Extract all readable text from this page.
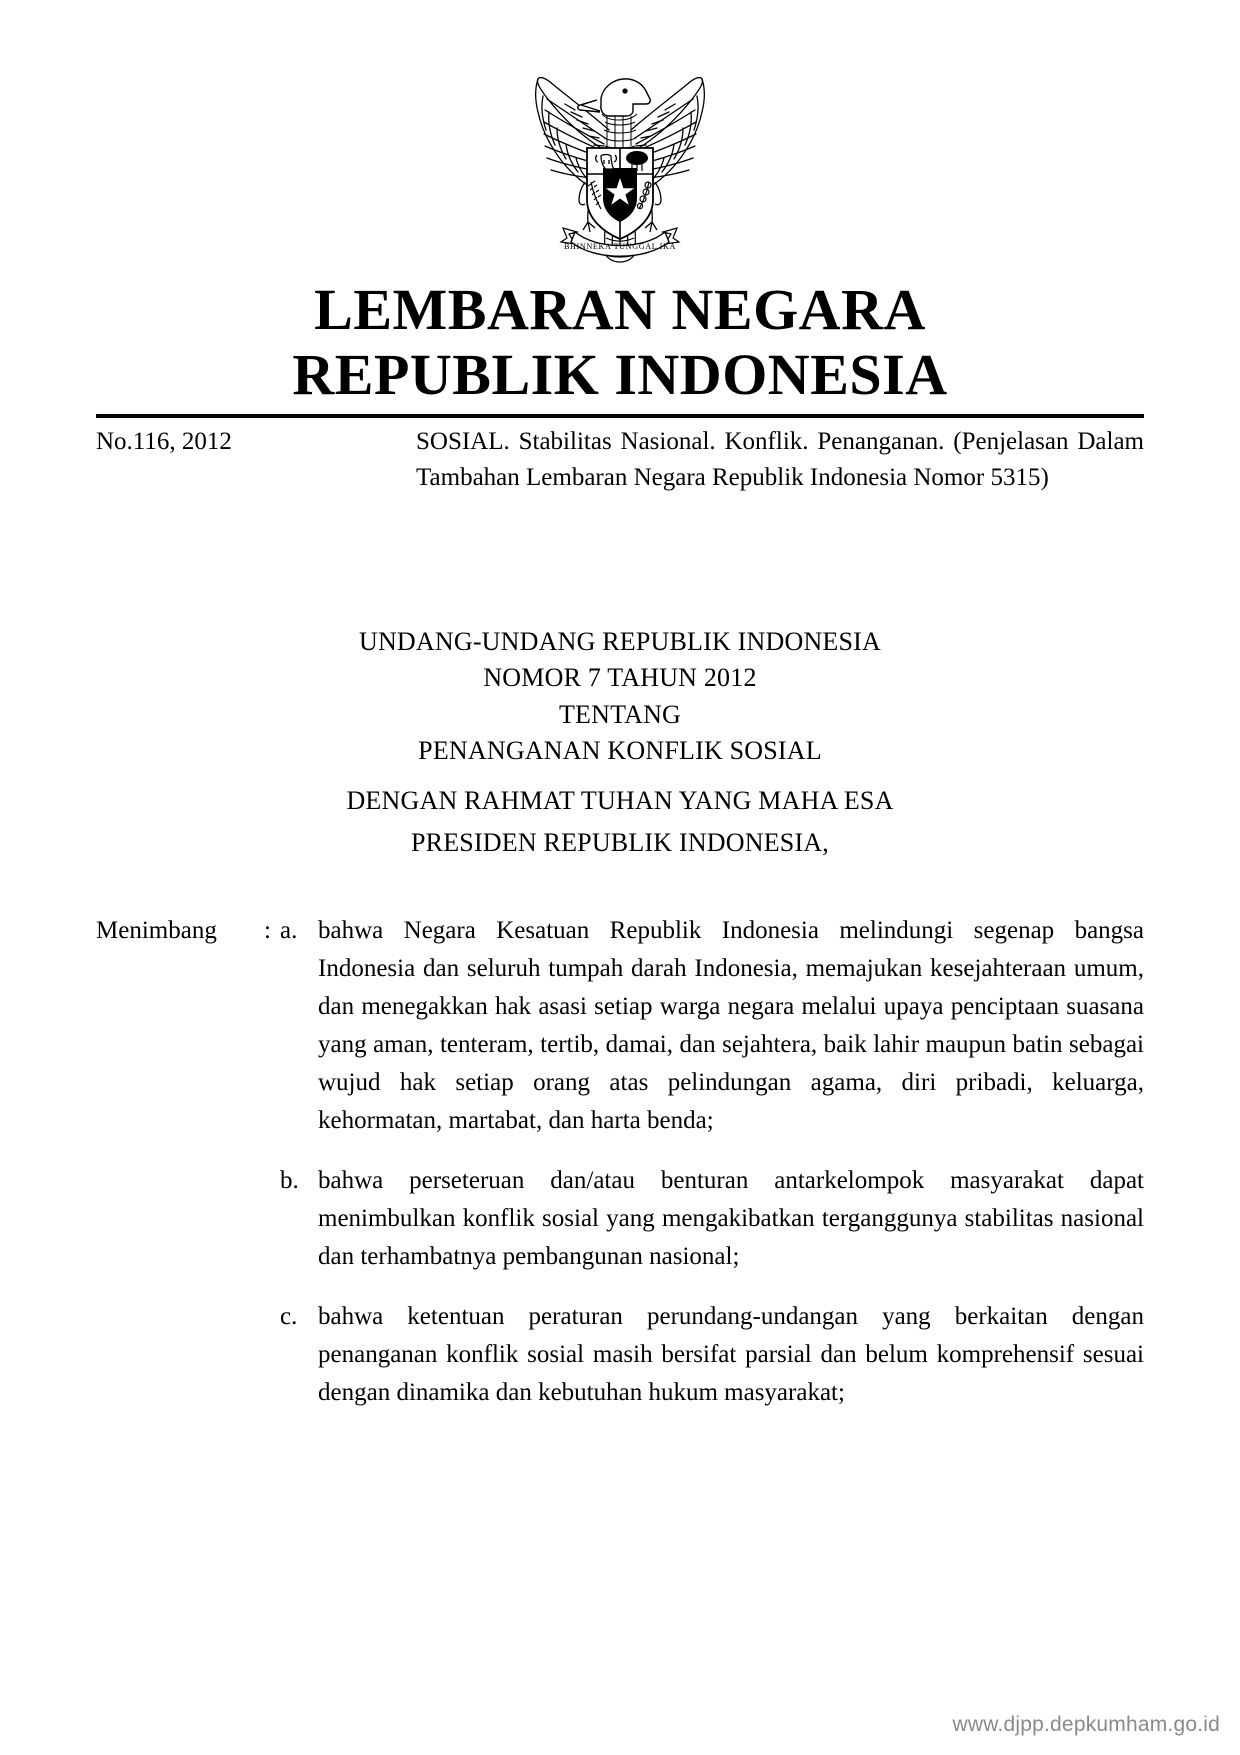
BHINNEKA TUNGGAL IKA
LEMBARAN NEGARA
REPUBLIK INDONESIA
No.116, 2012	SOSIAL. Stabilitas Nasional. Konflik. Penanganan. (Penjelasan Dalam Tambahan Lembaran Negara Republik Indonesia Nomor 5315)
UNDANG-UNDANG REPUBLIK INDONESIA
NOMOR 7 TAHUN 2012
TENTANG
PENANGANAN KONFLIK SOSIAL
DENGAN RAHMAT TUHAN YANG MAHA ESA
PRESIDEN REPUBLIK INDONESIA,
Menimbang	: a. bahwa Negara Kesatuan Republik Indonesia melindungi segenap bangsa Indonesia dan seluruh tumpah darah Indonesia, memajukan kesejahteraan umum, dan menegakkan hak asasi setiap warga negara melalui upaya penciptaan suasana yang aman, tenteram, tertib, damai, dan sejahtera, baik lahir maupun batin sebagai wujud hak setiap orang atas pelindungan agama, diri pribadi, keluarga, kehormatan, martabat, dan harta benda;
b. bahwa perseteruan dan/atau benturan antarkelompok masyarakat dapat menimbulkan konflik sosial yang mengakibatkan terganggunya stabilitas nasional dan terhambatnya pembangunan nasional;
c. bahwa ketentuan peraturan perundang-undangan yang berkaitan dengan penanganan konflik sosial masih bersifat parsial dan belum komprehensif sesuai dengan dinamika dan kebutuhan hukum masyarakat;
www.djpp.depkumham.go.id
